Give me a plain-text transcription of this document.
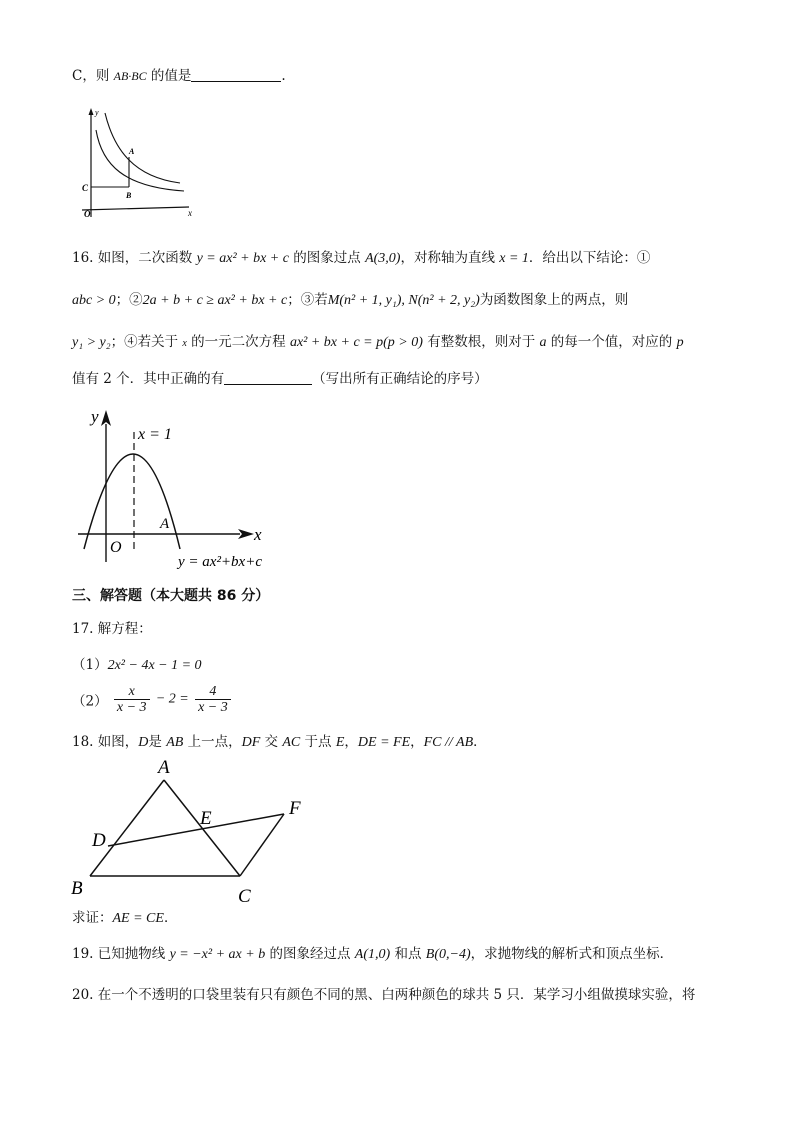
C，则 AB·BC 的值是	.
y
x
O
A
B
C
16. 如图，二次函数 y = ax² + bx + c 的图象过点 A(3,0)，对称轴为直线 x = 1．给出以下结论：①
abc > 0；②2a + b + c ≥ ax² + bx + c；③若M(n² + 1, y₁), N(n² + 2, y₂)为函数图象上的两点，则
y₁ > y₂；④若关于 x 的一元二次方程 ax² + bx + c = p(p > 0) 有整数根，则对于 a 的每一个值，对应的 p
值有 2 个．其中正确的有	（写出所有正确结论的序号）
y
x
x = 1
A
O
y = ax²+bx+c
三、解答题（本大题共 86 分）
17. 解方程：
（1）2x² − 4x − 1 = 0
$(2) \frac{x}{x - 3} - 2 = \frac{4}{x - 3}$
18. 如图，D是 AB 上一点，DF 交 AC 于点 E，DE = FE，FC // AB．
A
B	C
D
E	F
求证：AE = CE．
19. 已知抛物线 y = −x² + ax + b 的图象经过点 A(1,0) 和点 B(0,−4)，求抛物线的解析式和顶点坐标．
20. 在一个不透明的口袋里装有只有颜色不同的黑、白两种颜色的球共 5 只．某学习小组做摸球实验，将
